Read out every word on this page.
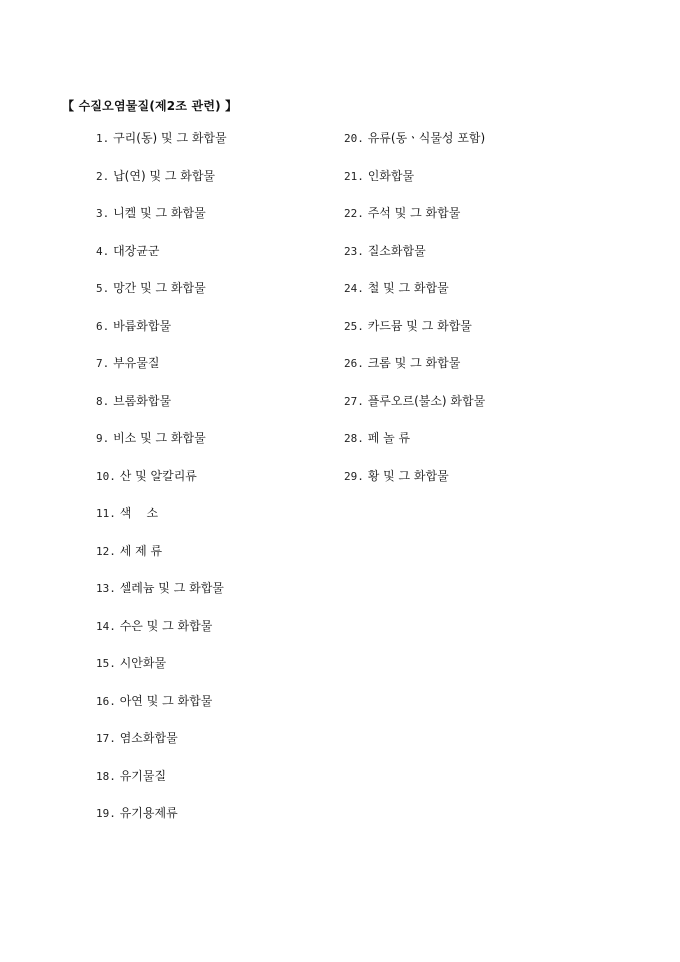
【 수질오염물질(제2조 관련) 】
1. 구리(동) 및 그 화합물
2. 납(연) 및 그 화합물
3. 니켈 및 그 화합물
4. 대장균군
5. 망간 및 그 화합물
6. 바륨화합물
7. 부유물질
8. 브롬화합물
9. 비소 및 그 화합물
10. 산 및 알칼리류
11. 색    소
12. 세 제 류
13. 셀레늄 및 그 화합물
14. 수은 및 그 화합물
15. 시안화물
16. 아연 및 그 화합물
17. 염소화합물
18. 유기물질
19. 유기용제류
20. 유류(동ㆍ식물성 포함)
21. 인화합물
22. 주석 및 그 화합물
23. 질소화합물
24. 철 및 그 화합물
25. 카드뮴 및 그 화합물
26. 크롬 및 그 화합물
27. 플루오르(불소) 화합물
28. 페 놀 류
29. 황 및 그 화합물
